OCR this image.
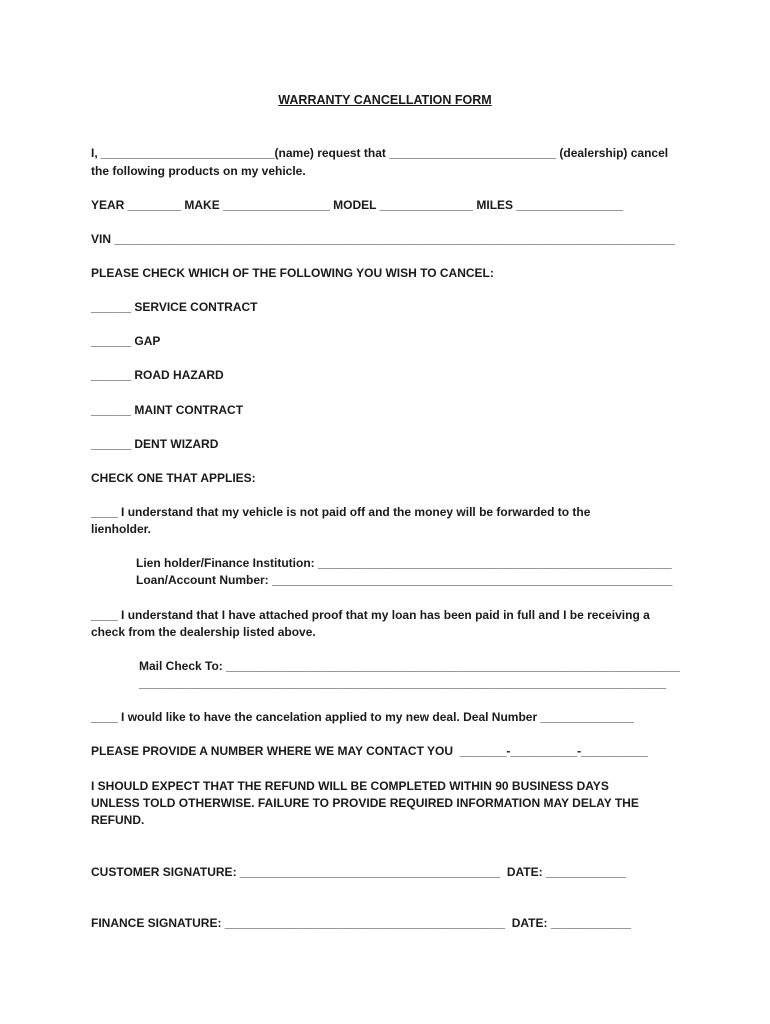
WARRANTY CANCELLATION FORM
I, __________________________(name) request that _________________________ (dealership) cancel
the following products on my vehicle.
YEAR ________ MAKE ________________ MODEL ______________ MILES ________________
VIN ____________________________________________________________________________________
PLEASE CHECK WHICH OF THE FOLLOWING YOU WISH TO CANCEL:
______ SERVICE CONTRACT
______ GAP
______ ROAD HAZARD
______ MAINT CONTRACT
______ DENT WIZARD
CHECK ONE THAT APPLIES:
____ I understand that my vehicle is not paid off and the money will be forwarded to the
lienholder.
Lien holder/Finance Institution: _____________________________________________________
Loan/Account Number: ____________________________________________________________
____ I understand that I have attached proof that my loan has been paid in full and I be receiving a
check from the dealership listed above.
Mail Check To: ____________________________________________________________________
_______________________________________________________________________________
____ I would like to have the cancelation applied to my new deal. Deal Number ______________
PLEASE PROVIDE A NUMBER WHERE WE MAY CONTACT YOU  _______-__________-__________
I SHOULD EXPECT THAT THE REFUND WILL BE COMPLETED WITHIN 90 BUSINESS DAYS
UNLESS TOLD OTHERWISE. FAILURE TO PROVIDE REQUIRED INFORMATION MAY DELAY THE
REFUND.
CUSTOMER SIGNATURE: _______________________________________  DATE: ____________
FINANCE SIGNATURE: __________________________________________  DATE: ____________
